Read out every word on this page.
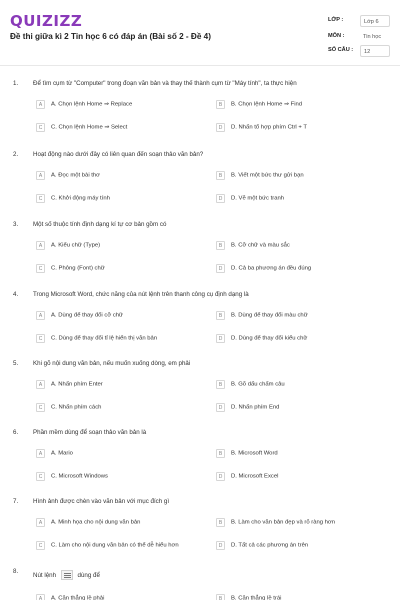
QUIZIZZ
Đề thi giữa kì 2 Tin học 6 có đáp án (Bài số 2 - Đề 4)
LỚP :	Lớp 6
MÔN :	Tin học
SỐ CÂU :	12
1. Để tìm cụm từ "Computer" trong đoạn văn bản và thay thế thành cụm từ "Máy tính", ta thực hiện
A A. Chọn lệnh Home ⇒ Replace	B B. Chọn lệnh Home ⇒ Find
C C. Chọn lệnh Home ⇒ Select	D D. Nhấn tổ hợp phím Ctrl + T
2. Hoạt động nào dưới đây có liên quan đến soạn thảo văn bản?
A A. Đọc một bài thơ	B B. Viết một bức thư gửi bạn
C C. Khởi động máy tính	D D. Vẽ một bức tranh
3. Một số thuộc tính định dạng kí tự cơ bản gồm có
A A. Kiểu chữ (Type)	B B. Cỡ chữ và màu sắc
C C. Phông (Font) chữ	D D. Cả ba phương án đều đúng
4. Trong Microsoft Word, chức năng của nút lệnh trên thanh công cụ định dạng là
A A. Dùng để thay đổi cỡ chữ	B B. Dùng để thay đổi màu chữ
C C. Dùng để thay đổi tỉ lệ hiển thị văn bản	D D. Dùng để thay đổi kiểu chữ
5. Khi gõ nội dung văn bản, nếu muốn xuống dòng, em phải
A A. Nhấn phím Enter	B B. Gõ dấu chấm câu
C C. Nhấn phím cách	D D. Nhấn phím End
6. Phần mềm dùng để soạn thảo văn bản là
A A. Mario	B B. Microsoft Word
C C. Microsoft Windows	D D. Microsoft Excel
7. Hình ảnh được chèn vào văn bản với mục đích gì
A A. Minh họa cho nội dung văn bản	B B. Làm cho văn bản đẹp và rõ ràng hơn
C C. Làm cho nội dung văn bản có thể dễ hiểu hơn	D D. Tất cả các phương án trên
8. Nút lệnh	dùng để
A A. Căn thẳng lề phải	B B. Căn thẳng lề trái
